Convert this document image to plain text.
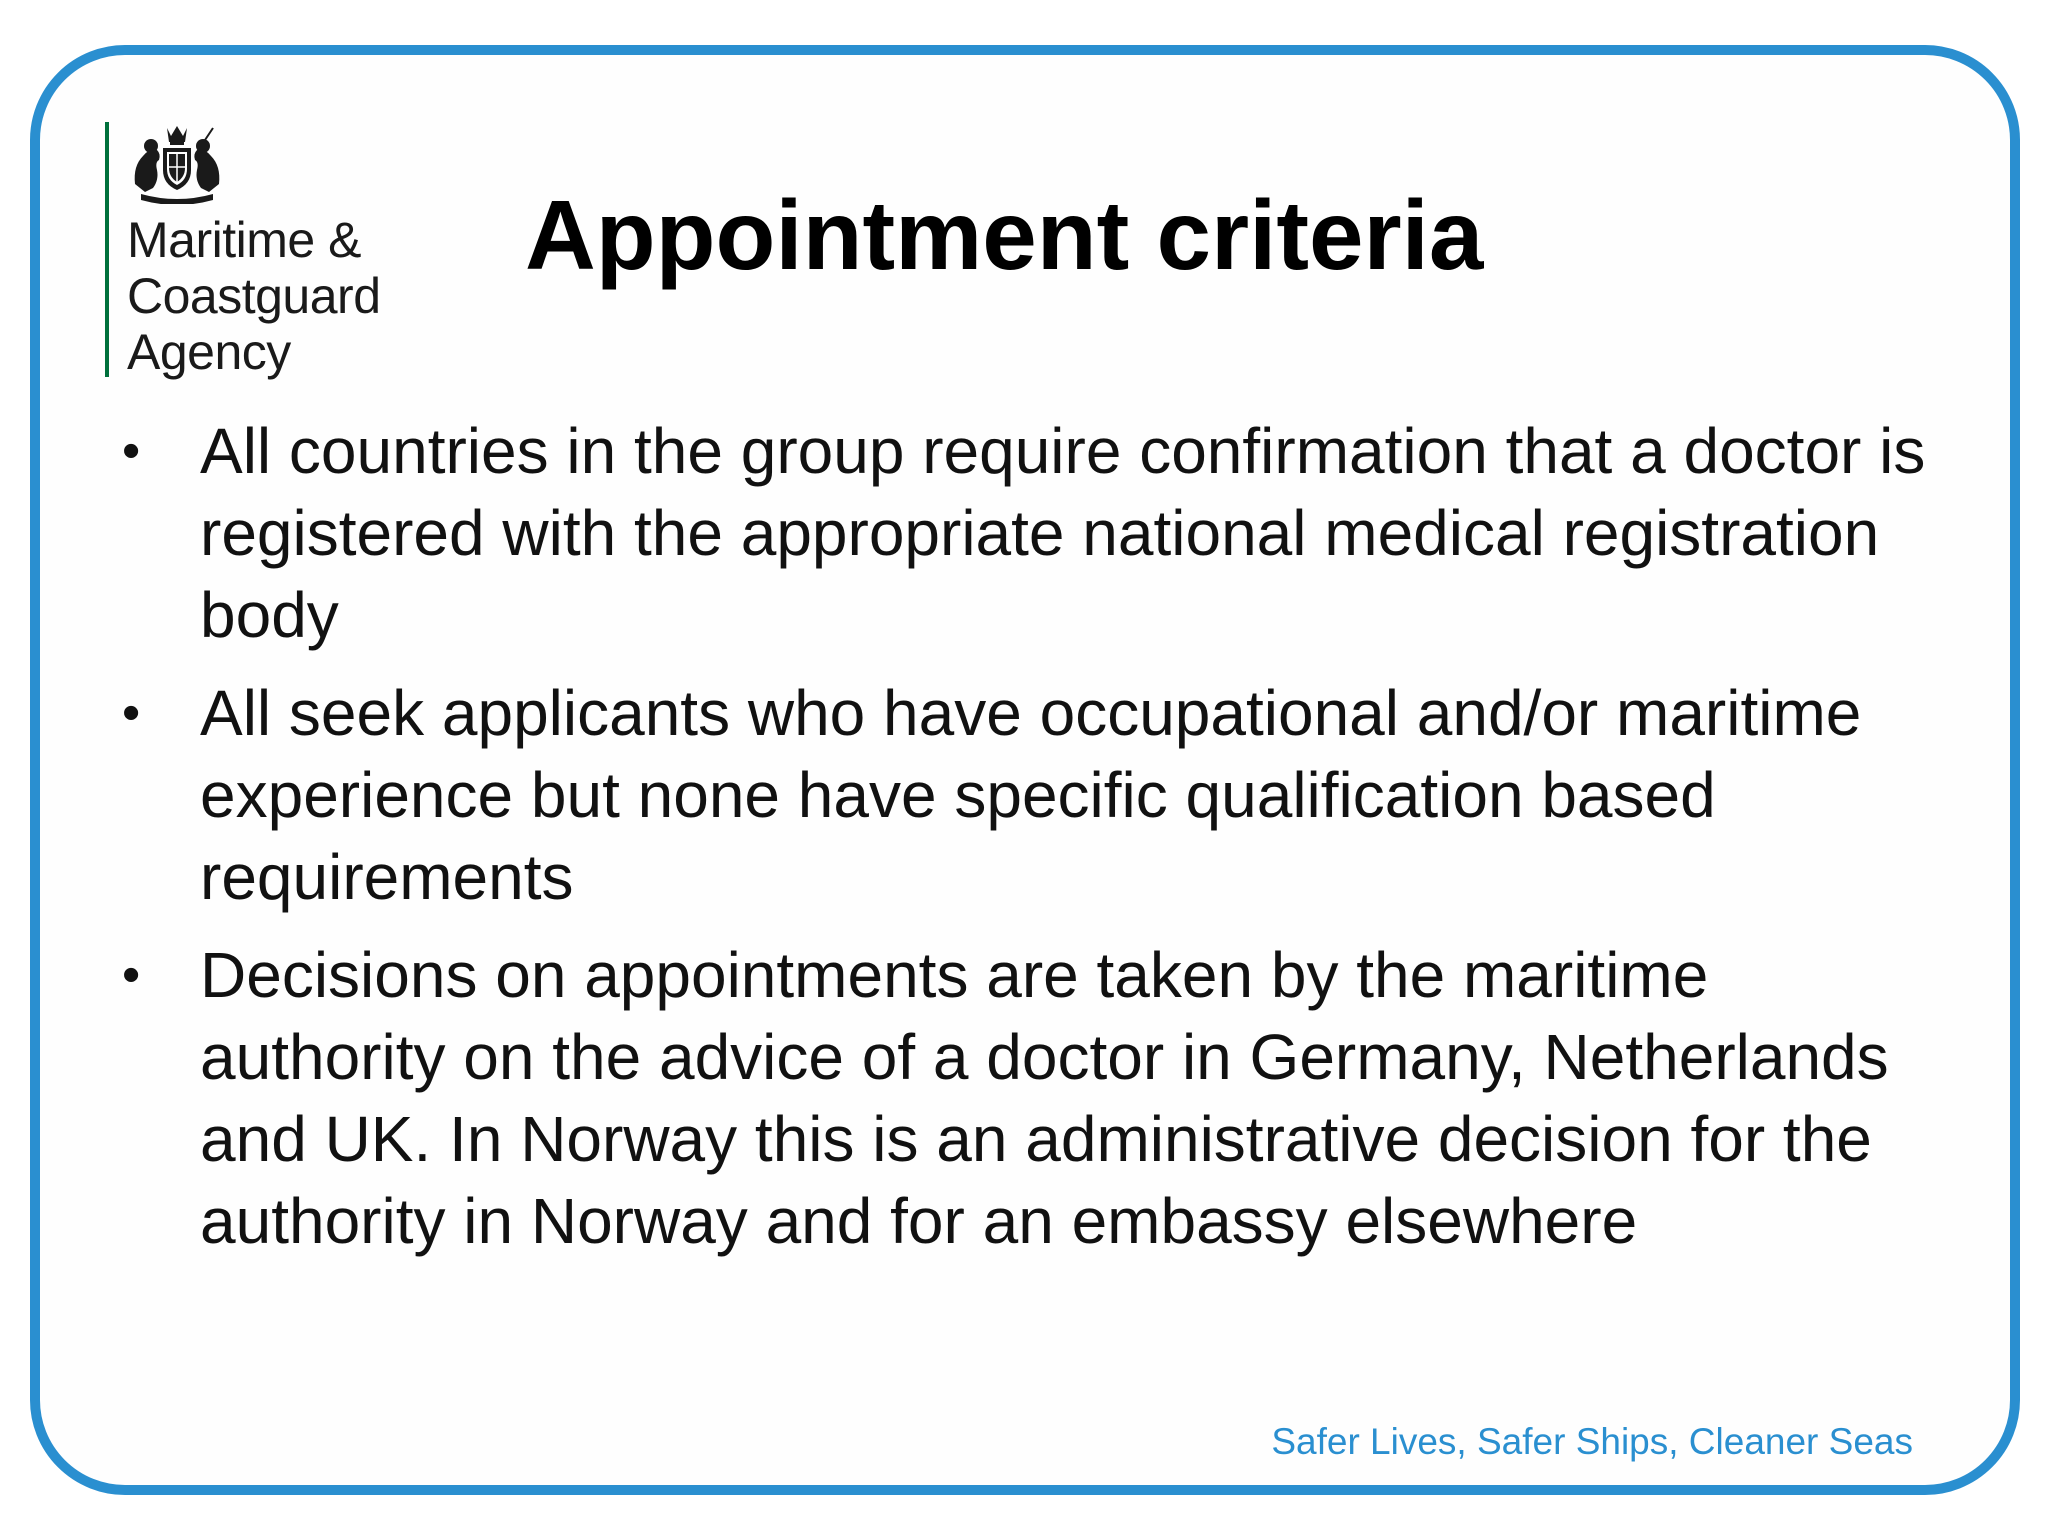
Maritime &
Coastguard
Agency
Appointment criteria
• All countries in the group require confirmation that a doctor is registered with the appropriate national medical registration body
• All seek applicants who have occupational and/or maritime experience but none have specific qualification based requirements
• Decisions on appointments are taken by the maritime authority on the advice of a doctor in Germany, Netherlands and UK. In Norway this is an administrative decision for the authority in Norway and for an embassy elsewhere
Safer Lives, Safer Ships, Cleaner Seas
